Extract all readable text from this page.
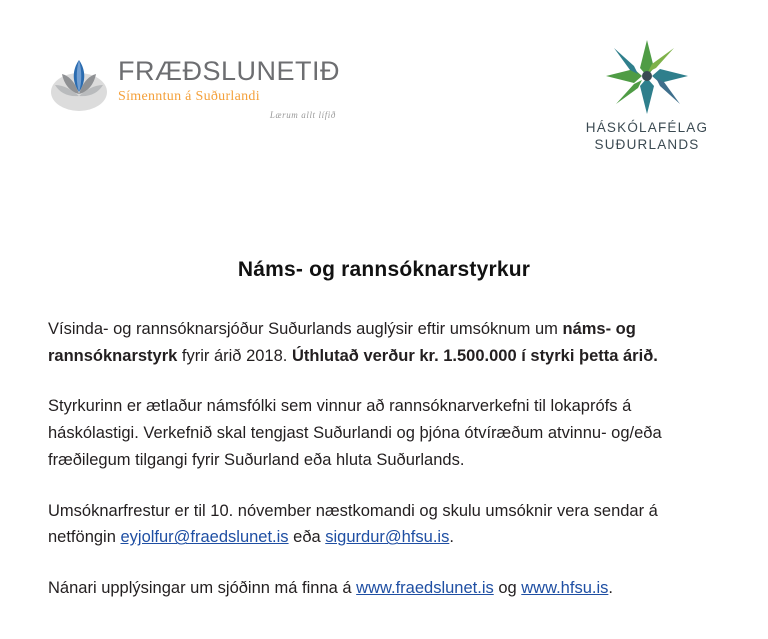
FRÆÐSLUNETIÐ
Símenntun á Suðurlandi
Lærum allt lífið
HÁSKÓLAFÉLAG
SUÐURLANDS
Náms- og rannsóknarstyrkur

Vísinda- og rannsóknarsjóður Suðurlands auglýsir eftir umsóknum um náms- og rannsóknarstyrk fyrir árið 2018. Úthlutað verður kr. 1.500.000 í styrki þetta árið.

Styrkurinn er ætlaður námsfólki sem vinnur að rannsóknarverkefni til lokaprófs á háskólastigi. Verkefnið skal tengjast Suðurlandi og þjóna ótvíræðum atvinnu- og/eða fræðilegum tilgangi fyrir Suðurland eða hluta Suðurlands.

Umsóknarfrestur er til 10. nóvember næstkomandi og skulu umsóknir vera sendar á netföngin eyjolfur@fraedslunet.is eða sigurdur@hfsu.is.

Nánari upplýsingar um sjóðinn má finna á www.fraedslunet.is og www.hfsu.is.
